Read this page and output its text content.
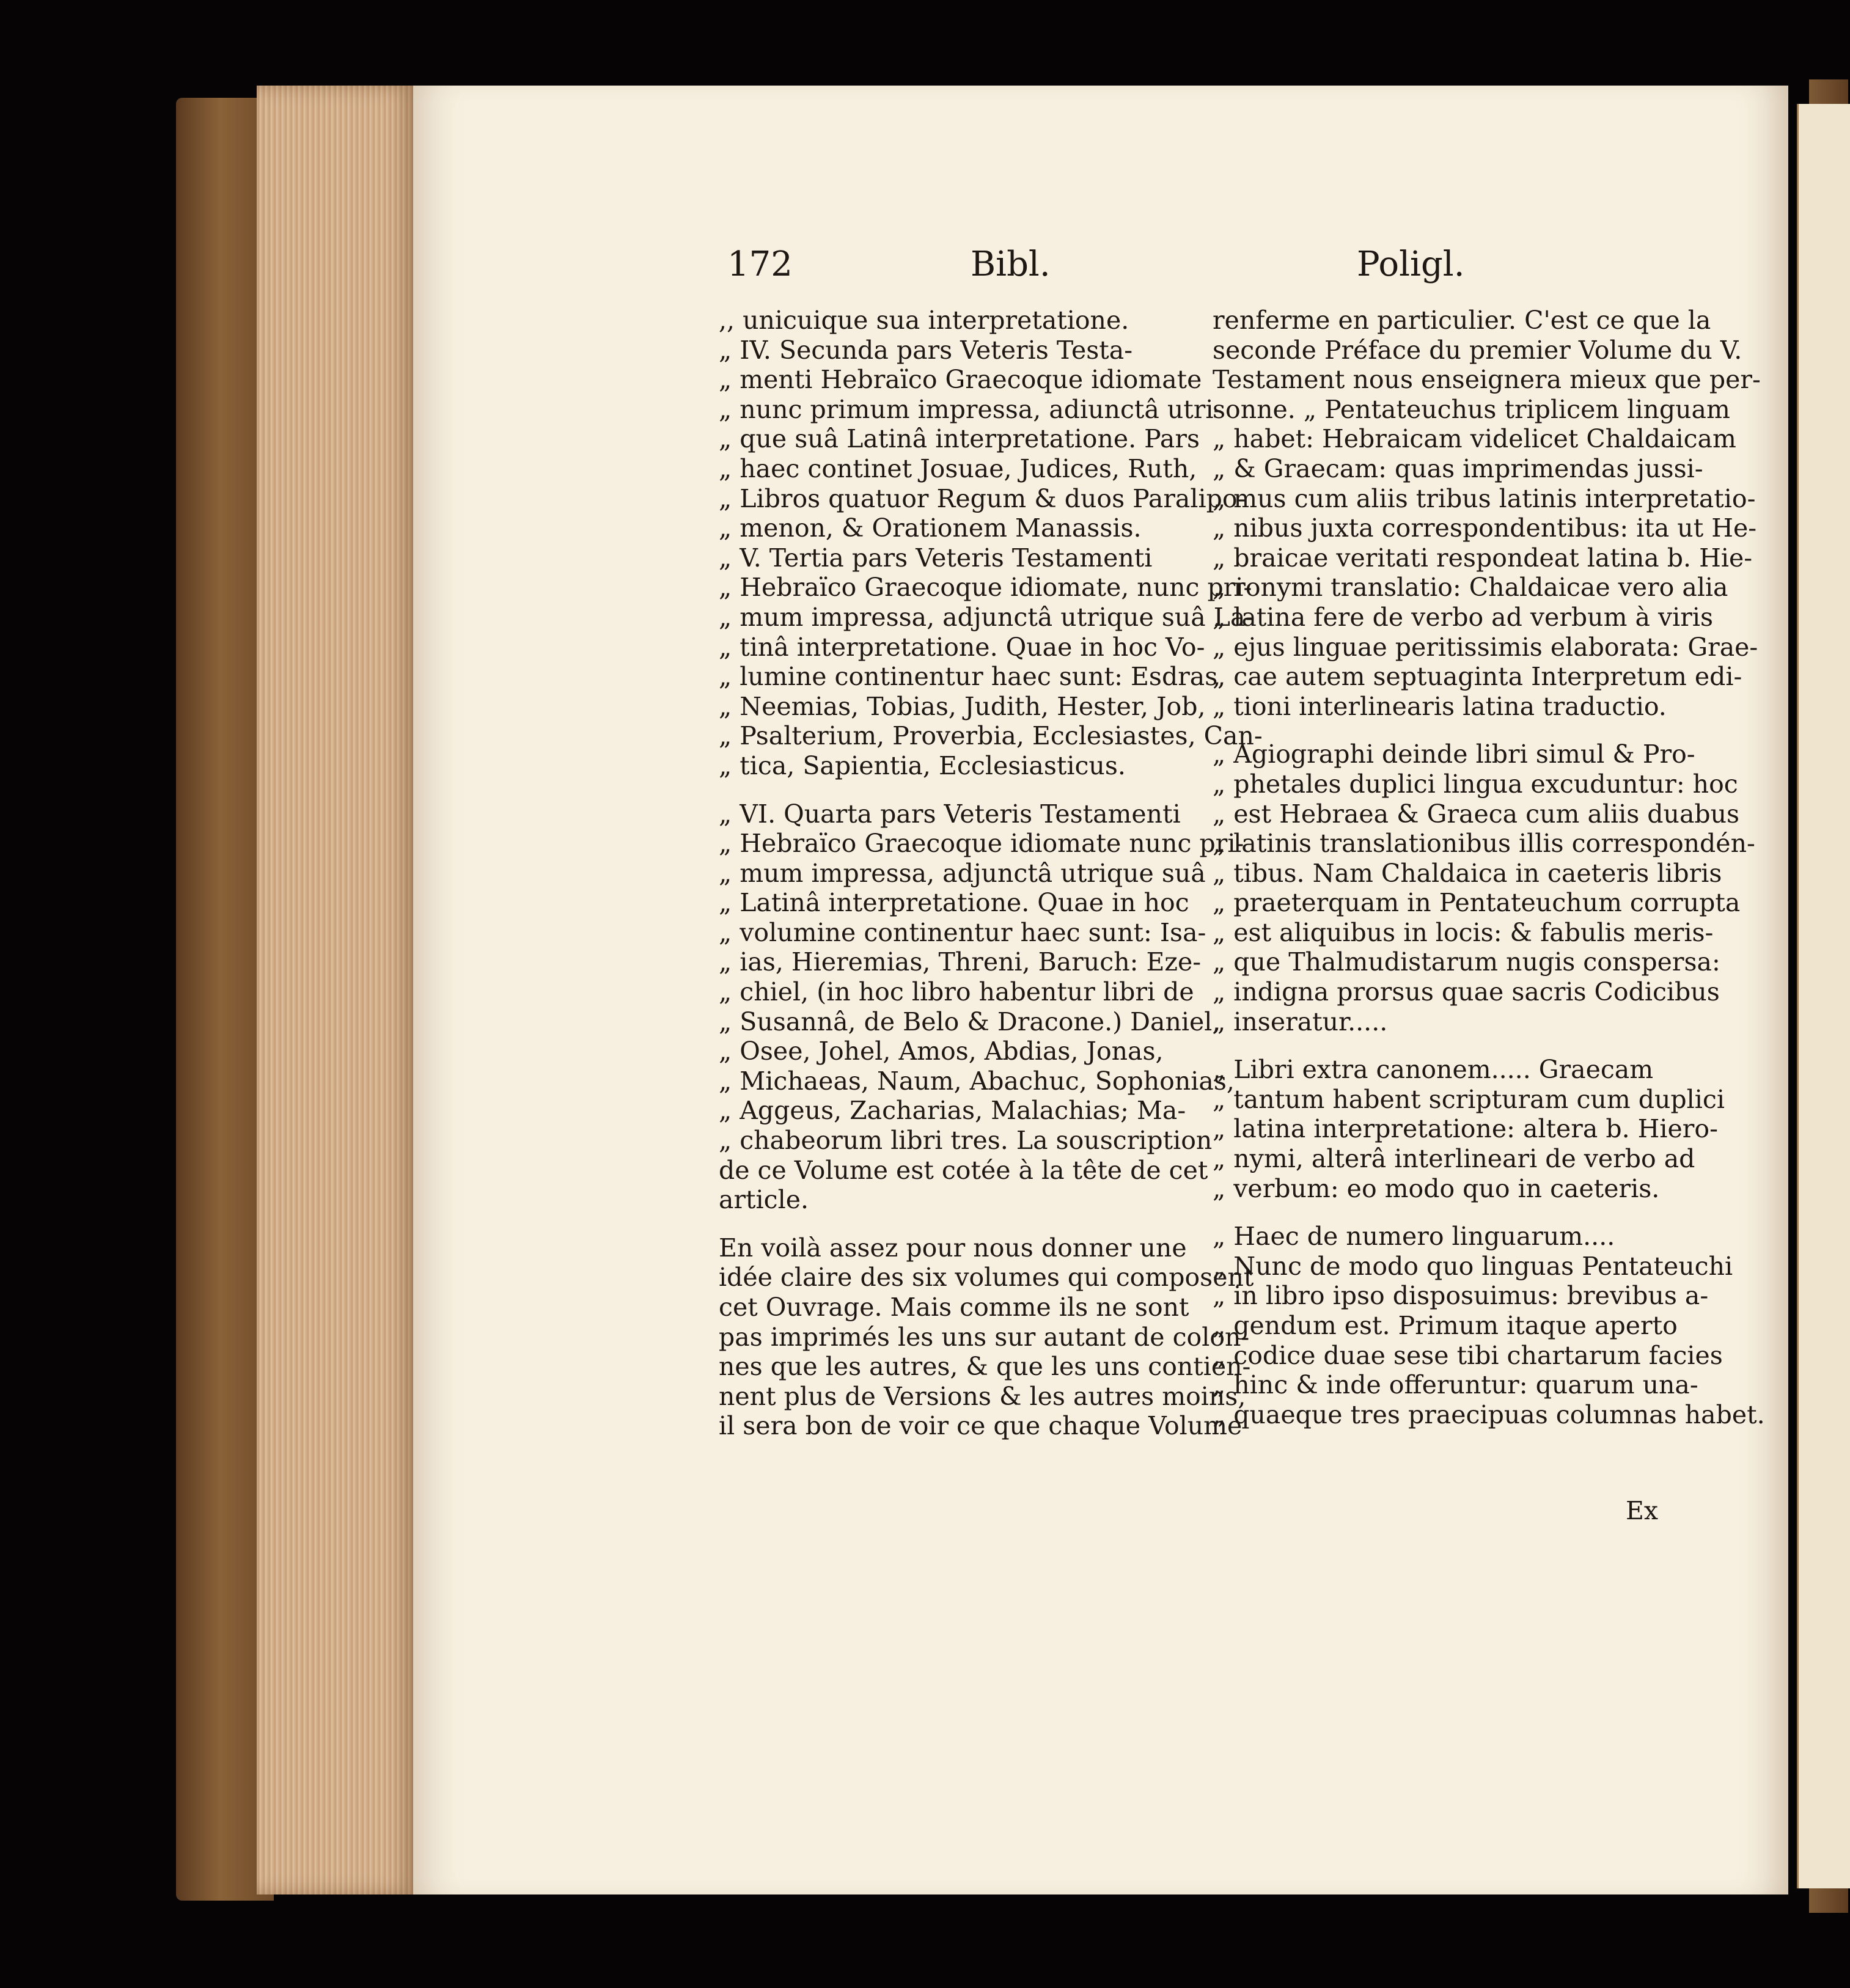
172	Bibl.	Poligl.
,, unicuique sua interpretatione.
„ IV. Secunda pars Veteris Testa-
„ menti Hebraïco Graecoque idiomate
„ nunc primum impressa, adiunctâ utri-
„ que suâ Latinâ interpretatione. Pars
„ haec continet Josuae, Judices, Ruth,
„ Libros quatuor Regum & duos Paralipo-
„ menon, & Orationem Manassis.
„ V. Tertia pars Veteris Testamenti
„ Hebraïco Graecoque idiomate, nunc pri-
„ mum impressa, adjunctâ utrique suâ La-
„ tinâ interpretatione. Quae in hoc Vo-
„ lumine continentur haec sunt: Esdras,
„ Neemias, Tobias, Judith, Hester, Job,
„ Psalterium, Proverbia, Ecclesiastes, Can-
„ tica, Sapientia, Ecclesiasticus.
„ VI. Quarta pars Veteris Testamenti
„ Hebraïco Graecoque idiomate nunc pri-
„ mum impressa, adjunctâ utrique suâ
„ Latinâ interpretatione. Quae in hoc
„ volumine continentur haec sunt: Isa-
„ ias, Hieremias, Threni, Baruch: Eze-
„ chiel, (in hoc libro habentur libri de
„ Susannâ, de Belo & Dracone.) Daniel,
„ Osee, Johel, Amos, Abdias, Jonas,
„ Michaeas, Naum, Abachuc, Sophonias,
„ Aggeus, Zacharias, Malachias; Ma-
„ chabeorum libri tres. La souscription
de ce Volume est cotée à la tête de cet
article.
En voilà assez pour nous donner une
idée claire des six volumes qui composent
cet Ouvrage. Mais comme ils ne sont
pas imprimés les uns sur autant de colon-
nes que les autres, & que les uns contien-
nent plus de Versions & les autres moins,
il sera bon de voir ce que chaque Volume
renferme en particulier. C'est ce que la
seconde Préface du premier Volume du V.
Testament nous enseignera mieux que per-
sonne. „ Pentateuchus triplicem linguam
„ habet: Hebraicam videlicet Chaldaicam
„ & Graecam: quas imprimendas jussi-
„ mus cum aliis tribus latinis interpretatio-
„ nibus juxta correspondentibus: ita ut He-
„ braicae veritati respondeat latina b. Hie-
„ ronymi translatio: Chaldaicae vero alia
„ latina fere de verbo ad verbum à viris
„ ejus linguae peritissimis elaborata: Grae-
„ cae autem septuaginta Interpretum edi-
„ tioni interlinearis latina traductio.
„ Agiographi deinde libri simul & Pro-
„ phetales duplici lingua excuduntur: hoc
„ est Hebraea & Graeca cum aliis duabus
„ latinis translationibus illis correspondén-
„ tibus. Nam Chaldaica in caeteris libris
„ praeterquam in Pentateuchum corrupta
„ est aliquibus in locis: & fabulis meris-
„ que Thalmudistarum nugis conspersa:
„ indigna prorsus quae sacris Codicibus
„ inseratur.....
„ Libri extra canonem..... Graecam
„ tantum habent scripturam cum duplici
„ latina interpretatione: altera b. Hiero-
„ nymi, alterâ interlineari de verbo ad
„ verbum: eo modo quo in caeteris.
„ Haec de numero linguarum....
„ Nunc de modo quo linguas Pentateuchi
„ in libro ipso disposuimus: brevibus a-
„ gendum est. Primum itaque aperto
„ codice duae sese tibi chartarum facies
„ hinc & inde offeruntur: quarum una-
„ quaeque tres praecipuas columnas habet.
Ex
